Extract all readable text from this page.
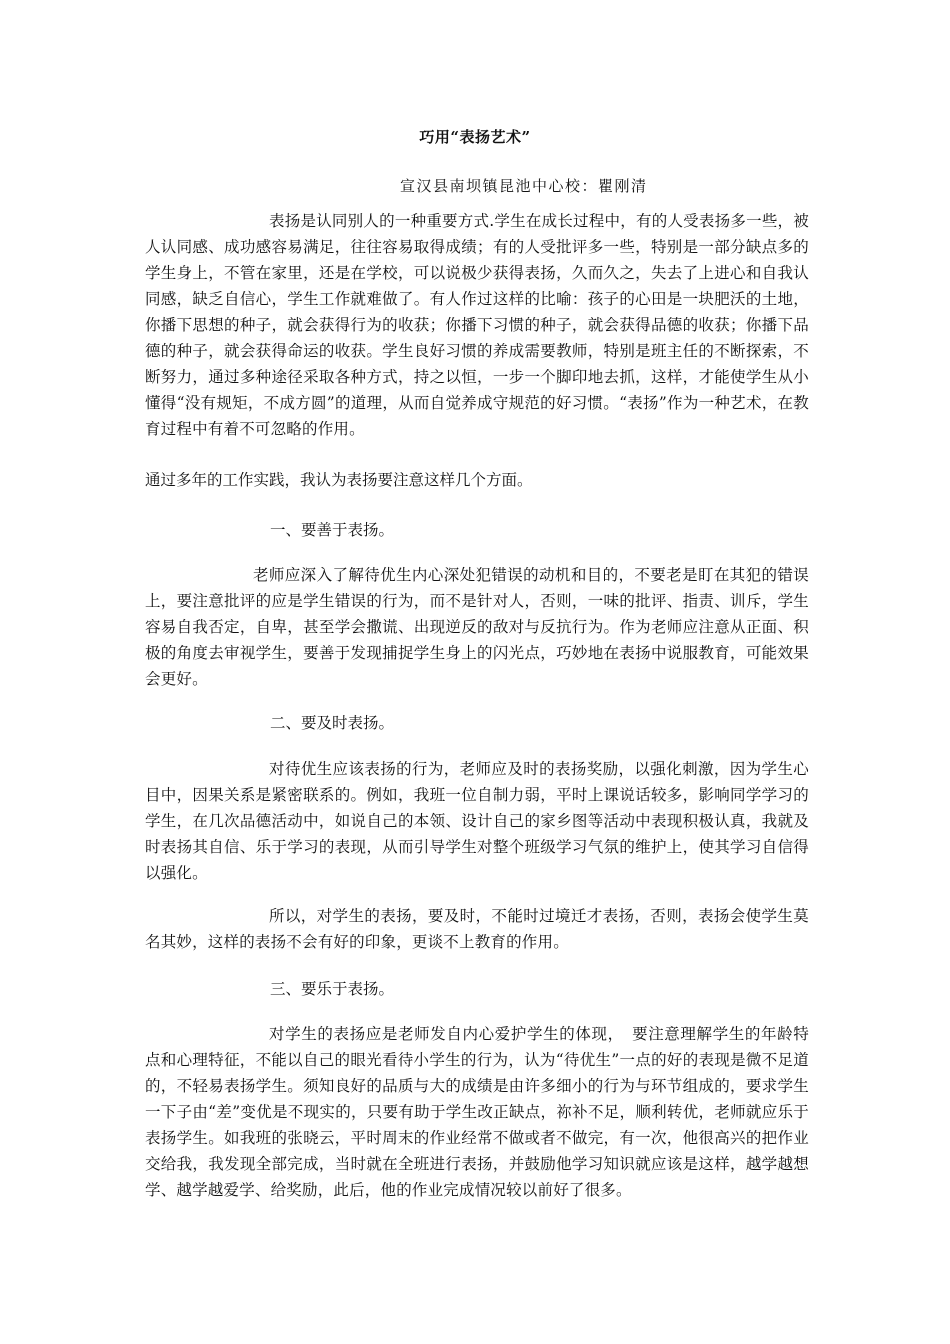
巧用“表扬艺术”
宣汉县南坝镇昆池中心校：瞿刚清

表扬是认同别人的一种重要方式.学生在成长过程中，有的人受表扬多一些，被人认同感、成功感容易满足，往往容易取得成绩；有的人受批评多一些，特别是一部分缺点多的学生身上，不管在家里，还是在学校，可以说极少获得表扬，久而久之，失去了上进心和自我认同感，缺乏自信心，学生工作就难做了。有人作过这样的比喻：孩子的心田是一块肥沃的土地，你播下思想的种子，就会获得行为的收获；你播下习惯的种子，就会获得品德的收获；你播下品德的种子，就会获得命运的收获。学生良好习惯的养成需要教师，特别是班主任的不断探索，不断努力，通过多种途径采取各种方式，持之以恒，一步一个脚印地去抓，这样，才能使学生从小懂得“没有规矩，不成方圆”的道理，从而自觉养成守规范的好习惯。“表扬”作为一种艺术，在教育过程中有着不可忽略的作用。

通过多年的工作实践，我认为表扬要注意这样几个方面。
一、要善于表扬。

老师应深入了解待优生内心深处犯错误的动机和目的，不要老是盯在其犯的错误上，要注意批评的应是学生错误的行为，而不是针对人，否则，一味的批评、指责、训斥，学生容易自我否定，自卑，甚至学会撒谎、出现逆反的敌对与反抗行为。作为老师应注意从正面、积极的角度去审视学生，要善于发现捕捉学生身上的闪光点，巧妙地在表扬中说服教育，可能效果会更好。

二、要及时表扬。

对待优生应该表扬的行为，老师应及时的表扬奖励，以强化刺激，因为学生心目中，因果关系是紧密联系的。例如，我班一位自制力弱，平时上课说话较多，影响同学学习的学生，在几次品德活动中，如说自己的本领、设计自己的家乡图等活动中表现积极认真，我就及时表扬其自信、乐于学习的表现，从而引导学生对整个班级学习气氛的维护上，使其学习自信得以强化。

所以，对学生的表扬，要及时，不能时过境迁才表扬，否则，表扬会使学生莫名其妙，这样的表扬不会有好的印象，更谈不上教育的作用。

三、要乐于表扬。

对学生的表扬应是老师发自内心爱护学生的体现，　要注意理解学生的年龄特点和心理特征，不能以自己的眼光看待小学生的行为，认为“待优生”一点的好的表现是微不足道的，不轻易表扬学生。须知良好的品质与大的成绩是由许多细小的行为与环节组成的，要求学生一下子由“差”变优是不现实的，只要有助于学生改正缺点，祢补不足，顺利转优，老师就应乐于表扬学生。如我班的张晓云，平时周末的作业经常不做或者不做完，有一次，他很高兴的把作业交给我，我发现全部完成，当时就在全班进行表扬，并鼓励他学习知识就应该是这样，越学越想学、越学越爱学、给奖励，此后，他的作业完成情况较以前好了很多。
